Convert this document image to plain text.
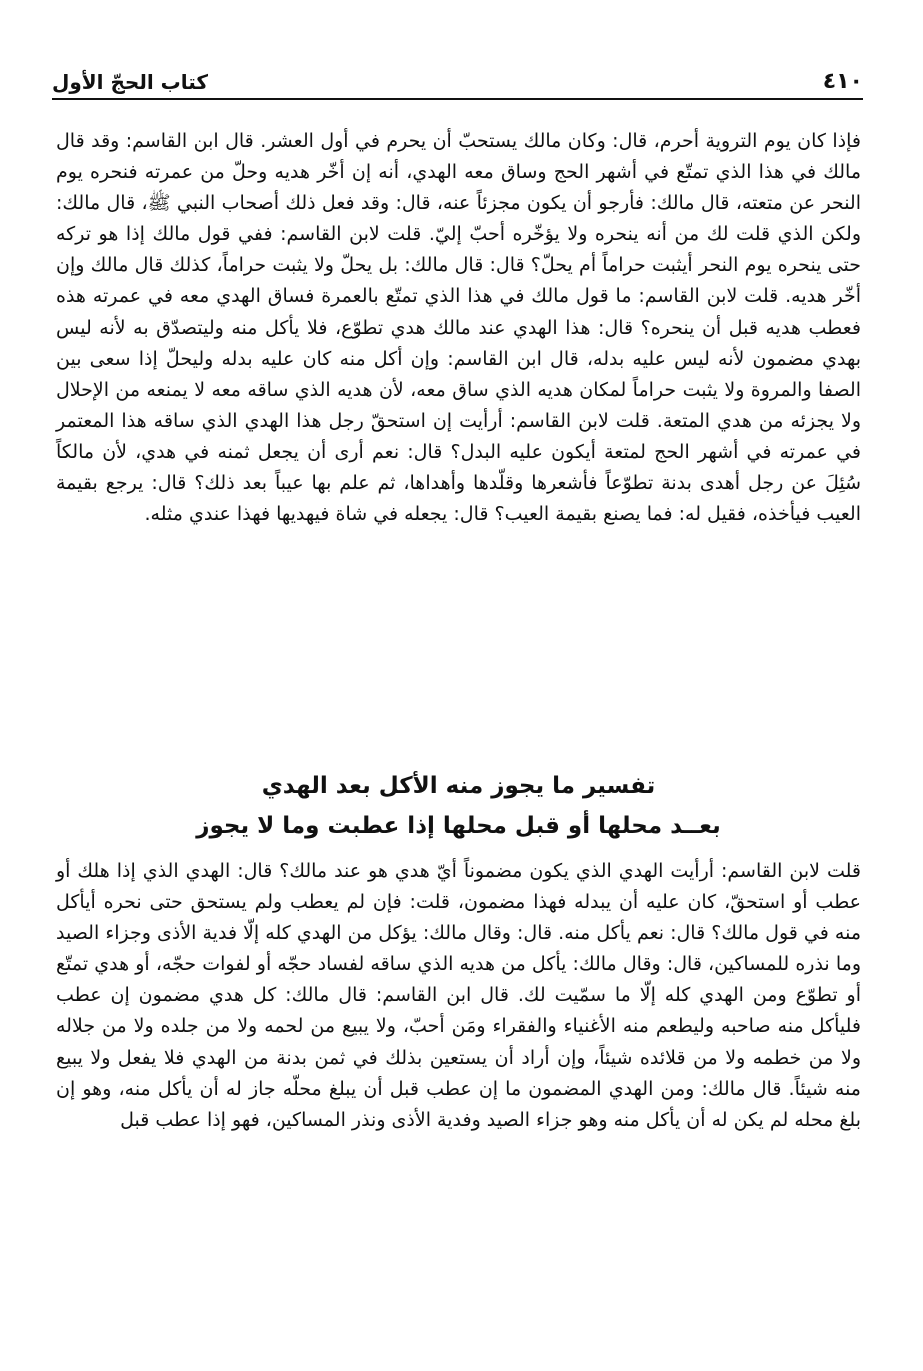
٤١٠
كتاب الحجّ الأول

فإذا كان يوم التروية أحرم، قال: وكان مالك يستحبّ أن يحرم في أول العشر. قال ابن القاسم: وقد قال مالك في هذا الذي تمتّع في أشهر الحج وساق معه الهدي، أنه إن أخّر هديه وحلّ من عمرته فنحره يوم النحر عن متعته، قال مالك: فأرجو أن يكون مجزئاً عنه، قال: وقد فعل ذلك أصحاب النبي ﷺ، قال مالك: ولكن الذي قلت لك من أنه ينحره ولا يؤخّره أحبّ إليّ. قلت لابن القاسم: ففي قول مالك إذا هو تركه حتى ينحره يوم النحر أيثبت حراماً أم يحلّ؟ قال: قال مالك: بل يحلّ ولا يثبت حراماً، كذلك قال مالك وإن أخّر هديه. قلت لابن القاسم: ما قول مالك في هذا الذي تمتّع بالعمرة فساق الهدي معه في عمرته هذه فعطب هديه قبل أن ينحره؟ قال: هذا الهدي عند مالك هدي تطوّع، فلا يأكل منه وليتصدّق به لأنه ليس بهدي مضمون لأنه ليس عليه بدله، قال ابن القاسم: وإن أكل منه كان عليه بدله وليحلّ إذا سعى بين الصفا والمروة ولا يثبت حراماً لمكان هديه الذي ساق معه، لأن هديه الذي ساقه معه لا يمنعه من الإحلال ولا يجزئه من هدي المتعة. قلت لابن القاسم: أرأيت إن استحقّ رجل هذا الهدي الذي ساقه هذا المعتمر في عمرته في أشهر الحج لمتعة أيكون عليه البدل؟ قال: نعم أرى أن يجعل ثمنه في هدي، لأن مالكاً سُئِلَ عن رجل أهدى بدنة تطوّعاً فأشعرها وقلّدها وأهداها، ثم علم بها عيباً بعد ذلك؟ قال: يرجع بقيمة العيب فيأخذه، فقيل له: فما يصنع بقيمة العيب؟ قال: يجعله في شاة فيهديها فهذا عندي مثله.

تفسير ما يجوز منه الأكل بعد الهدي
بعــد محلها أو قبل محلها إذا عطبت وما لا يجوز

قلت لابن القاسم: أرأيت الهدي الذي يكون مضموناً أيّ هدي هو عند مالك؟ قال: الهدي الذي إذا هلك أو عطب أو استحقّ، كان عليه أن يبدله فهذا مضمون، قلت: فإن لم يعطب ولم يستحق حتى نحره أيأكل منه في قول مالك؟ قال: نعم يأكل منه. قال: وقال مالك: يؤكل من الهدي كله إلّا فدية الأذى وجزاء الصيد وما نذره للمساكين، قال: وقال مالك: يأكل من هديه الذي ساقه لفساد حجّه أو لفوات حجّه، أو هدي تمتّع أو تطوّع ومن الهدي كله إلّا ما سمّيت لك. قال ابن القاسم: قال مالك: كل هدي مضمون إن عطب فليأكل منه صاحبه وليطعم منه الأغنياء والفقراء ومَن أحبّ، ولا يبيع من لحمه ولا من جلده ولا من جلاله ولا من خطمه ولا من قلائده شيئاً، وإن أراد أن يستعين بذلك في ثمن بدنة من الهدي فلا يفعل ولا يبيع منه شيئاً. قال مالك: ومن الهدي المضمون ما إن عطب قبل أن يبلغ محلّه جاز له أن يأكل منه، وهو إن بلغ محله لم يكن له أن يأكل منه وهو جزاء الصيد وفدية الأذى ونذر المساكين، فهو إذا عطب قبل
